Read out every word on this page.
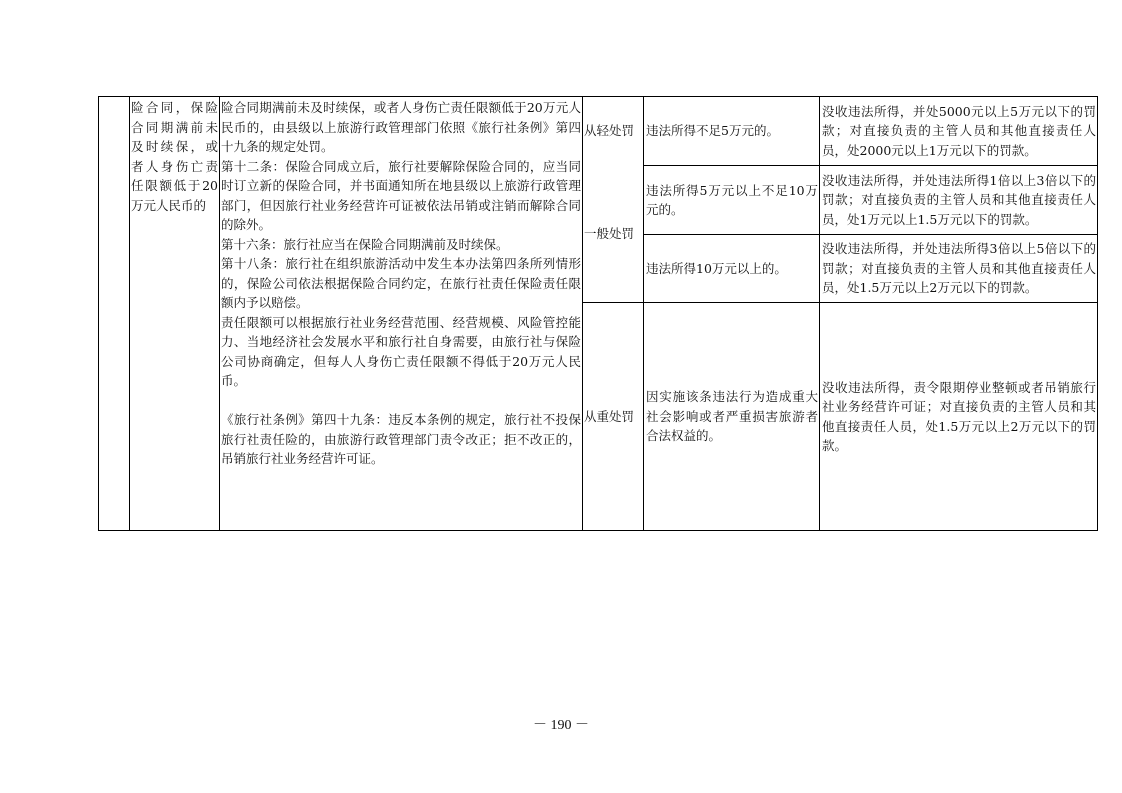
险合同，保险合同期满前未及时续保，或者人身伤亡责任限额低于20万元人民币的

险合同期满前未及时续保，或者人身伤亡责任限额低于20万元人民币的，由县级以上旅游行政管理部门依照《旅行社条例》第四十九条的规定处罚。

第十二条：保险合同成立后，旅行社要解除保险合同的，应当同时订立新的保险合同，并书面通知所在地县级以上旅游行政管理部门，但因旅行社业务经营许可证被依法吊销或注销而解除合同的除外。

第十六条：旅行社应当在保险合同期满前及时续保。

第十八条：旅行社在组织旅游活动中发生本办法第四条所列情形的，保险公司依法根据保险合同约定，在旅行社责任保险责任限额内予以赔偿。

责任限额可以根据旅行社业务经营范围、经营规模、风险管控能力、当地经济社会发展水平和旅行社自身需要，由旅行社与保险公司协商确定，但每人人身伤亡责任限额不得低于20万元人民币。

《旅行社条例》第四十九条：违反本条例的规定，旅行社不投保旅行社责任险的，由旅游行政管理部门责令改正；拒不改正的，吊销旅行社业务经营许可证。

从轻处罚
一般处罚
从重处罚
违法所得不足5万元的。
违法所得5万元以上不足10万元的。
违法所得10万元以上的。
因实施该条违法行为造成重大社会影响或者严重损害旅游者合法权益的。
没收违法所得，并处5000元以上5万元以下的罚款；对直接负责的主管人员和其他直接责任人员，处2000元以上1万元以下的罚款。
没收违法所得，并处违法所得1倍以上3倍以下的罚款；对直接负责的主管人员和其他直接责任人员，处1万元以上1.5万元以下的罚款。
没收违法所得，并处违法所得3倍以上5倍以下的罚款；对直接负责的主管人员和其他直接责任人员，处1.5万元以上2万元以下的罚款。
没收违法所得，责令限期停业整顿或者吊销旅行社业务经营许可证；对直接负责的主管人员和其他直接责任人员，处1.5万元以上2万元以下的罚款。
－ 190 －
